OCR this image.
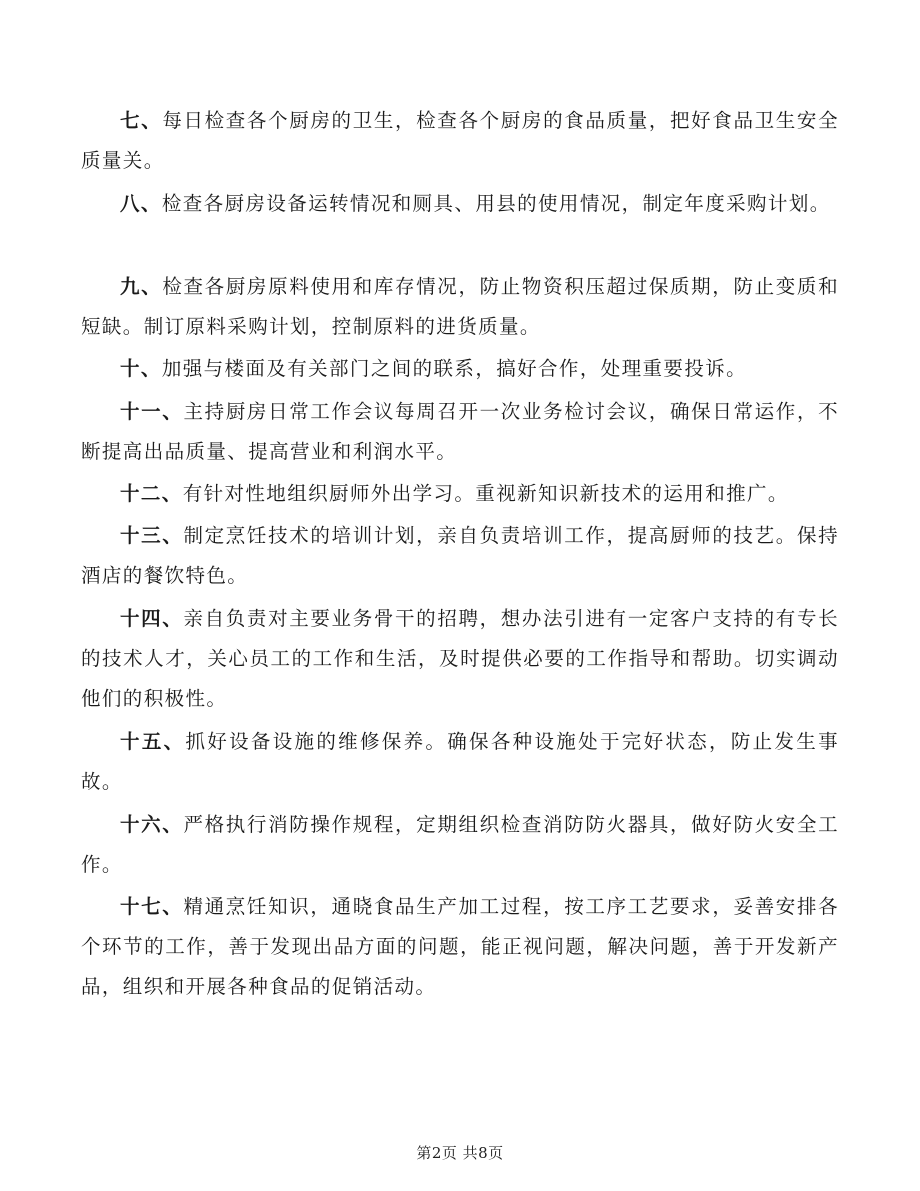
七、每日检查各个厨房的卫生，检查各个厨房的食品质量，把好食品卫生安全质量关。

八、检查各厨房设备运转情况和厕具、用县的使用情况，制定年度采购计划。

九、检查各厨房原料使用和库存情况，防止物资积压超过保质期，防止变质和短缺。制订原料采购计划，控制原料的进货质量。

十、加强与楼面及有关部门之间的联系，搞好合作，处理重要投诉。

十一、主持厨房日常工作会议每周召开一次业务检讨会议，确保日常运作，不断提高出品质量、提高营业和利润水平。

十二、有针对性地组织厨师外出学习。重视新知识新技术的运用和推广。

十三、制定烹饪技术的培训计划，亲自负责培训工作，提高厨师的技艺。保持酒店的餐饮特色。

十四、亲自负责对主要业务骨干的招聘，想办法引进有一定客户支持的有专长的技术人才，关心员工的工作和生活，及时提供必要的工作指导和帮助。切实调动他们的积极性。

十五、抓好设备设施的维修保养。确保各种设施处于完好状态，防止发生事故。

十六、严格执行消防操作规程，定期组织检查消防防火器具，做好防火安全工作。

十七、精通烹饪知识，通晓食品生产加工过程，按工序工艺要求，妥善安排各个环节的工作，善于发现出品方面的问题，能正视问题，解决问题，善于开发新产品，组织和开展各种食品的促销活动。

第2页 共8页
